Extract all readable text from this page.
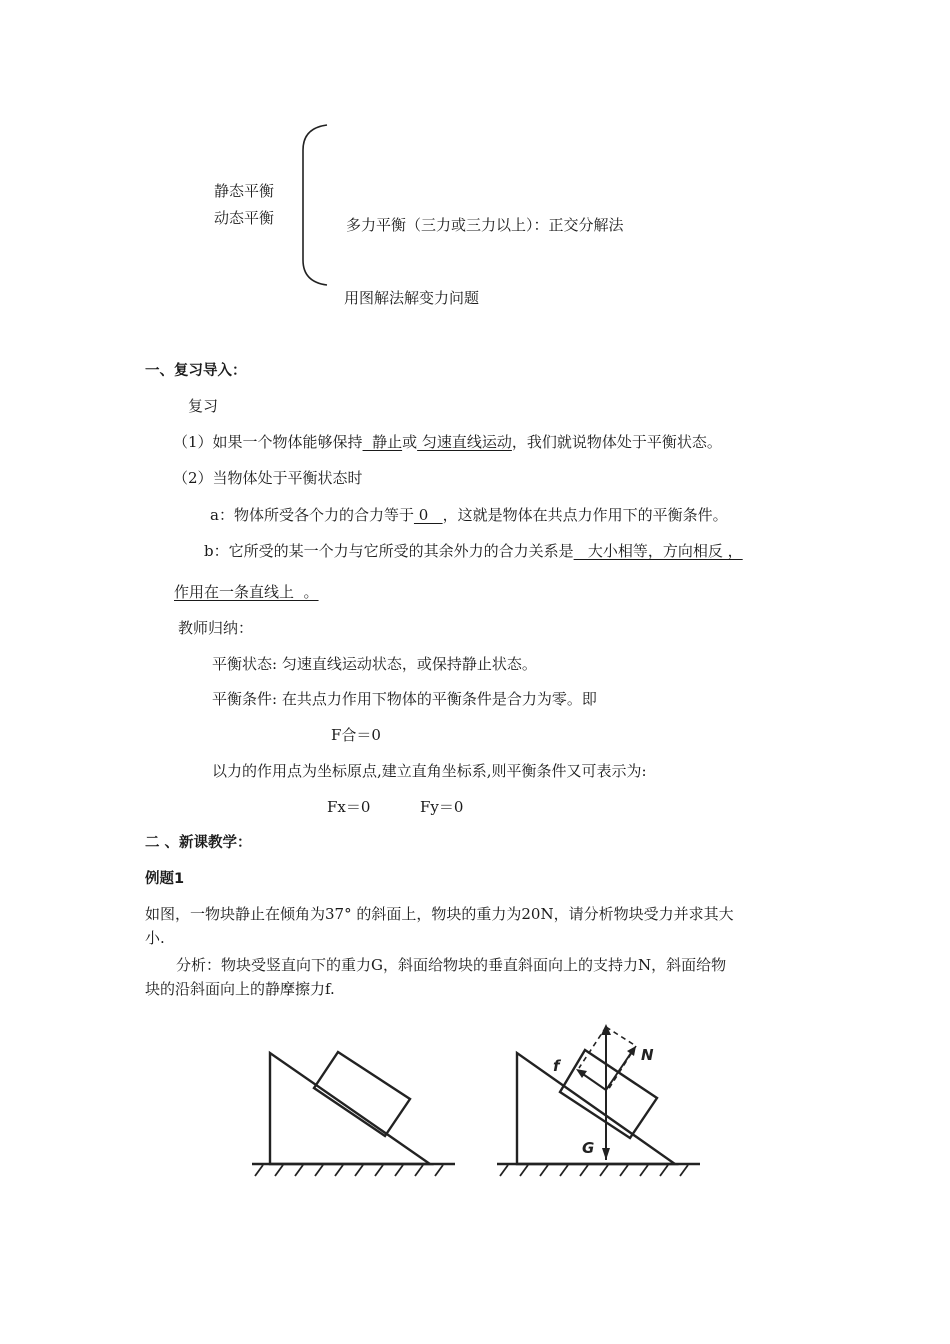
静态平衡
动态平衡	多力平衡（三力或三力以上）：正交分解法
用图解法解变力问题
一、复习导入：
复习
（1）如果一个物体能够保持  静止或 匀速直线运动，我们就说物体处于平衡状态。
（2）当物体处于平衡状态时
a：物体所受各个力的合力等于 0   ，这就是物体在共点力作用下的平衡条件。
b：它所受的某一个力与它所受的其余外力的合力关系是   大小相等，方向相反 ，
作用在一条直线上  。
教师归纳：
平衡状态: 匀速直线运动状态，或保持静止状态。
平衡条件: 在共点力作用下物体的平衡条件是合力为零。即
F合＝0
以力的作用点为坐标原点,建立直角坐标系,则平衡条件又可表示为:
Fx＝0	Fy＝0
二 、新课教学：
例题1
如图，一物块静止在倾角为37° 的斜面上，物块的重力为20N，请分析物块受力并求其大
小.
分析：物块受竖直向下的重力G，斜面给物块的垂直斜面向上的支持力N，斜面给物
块的沿斜面向上的静摩擦力f.
f
N
G
